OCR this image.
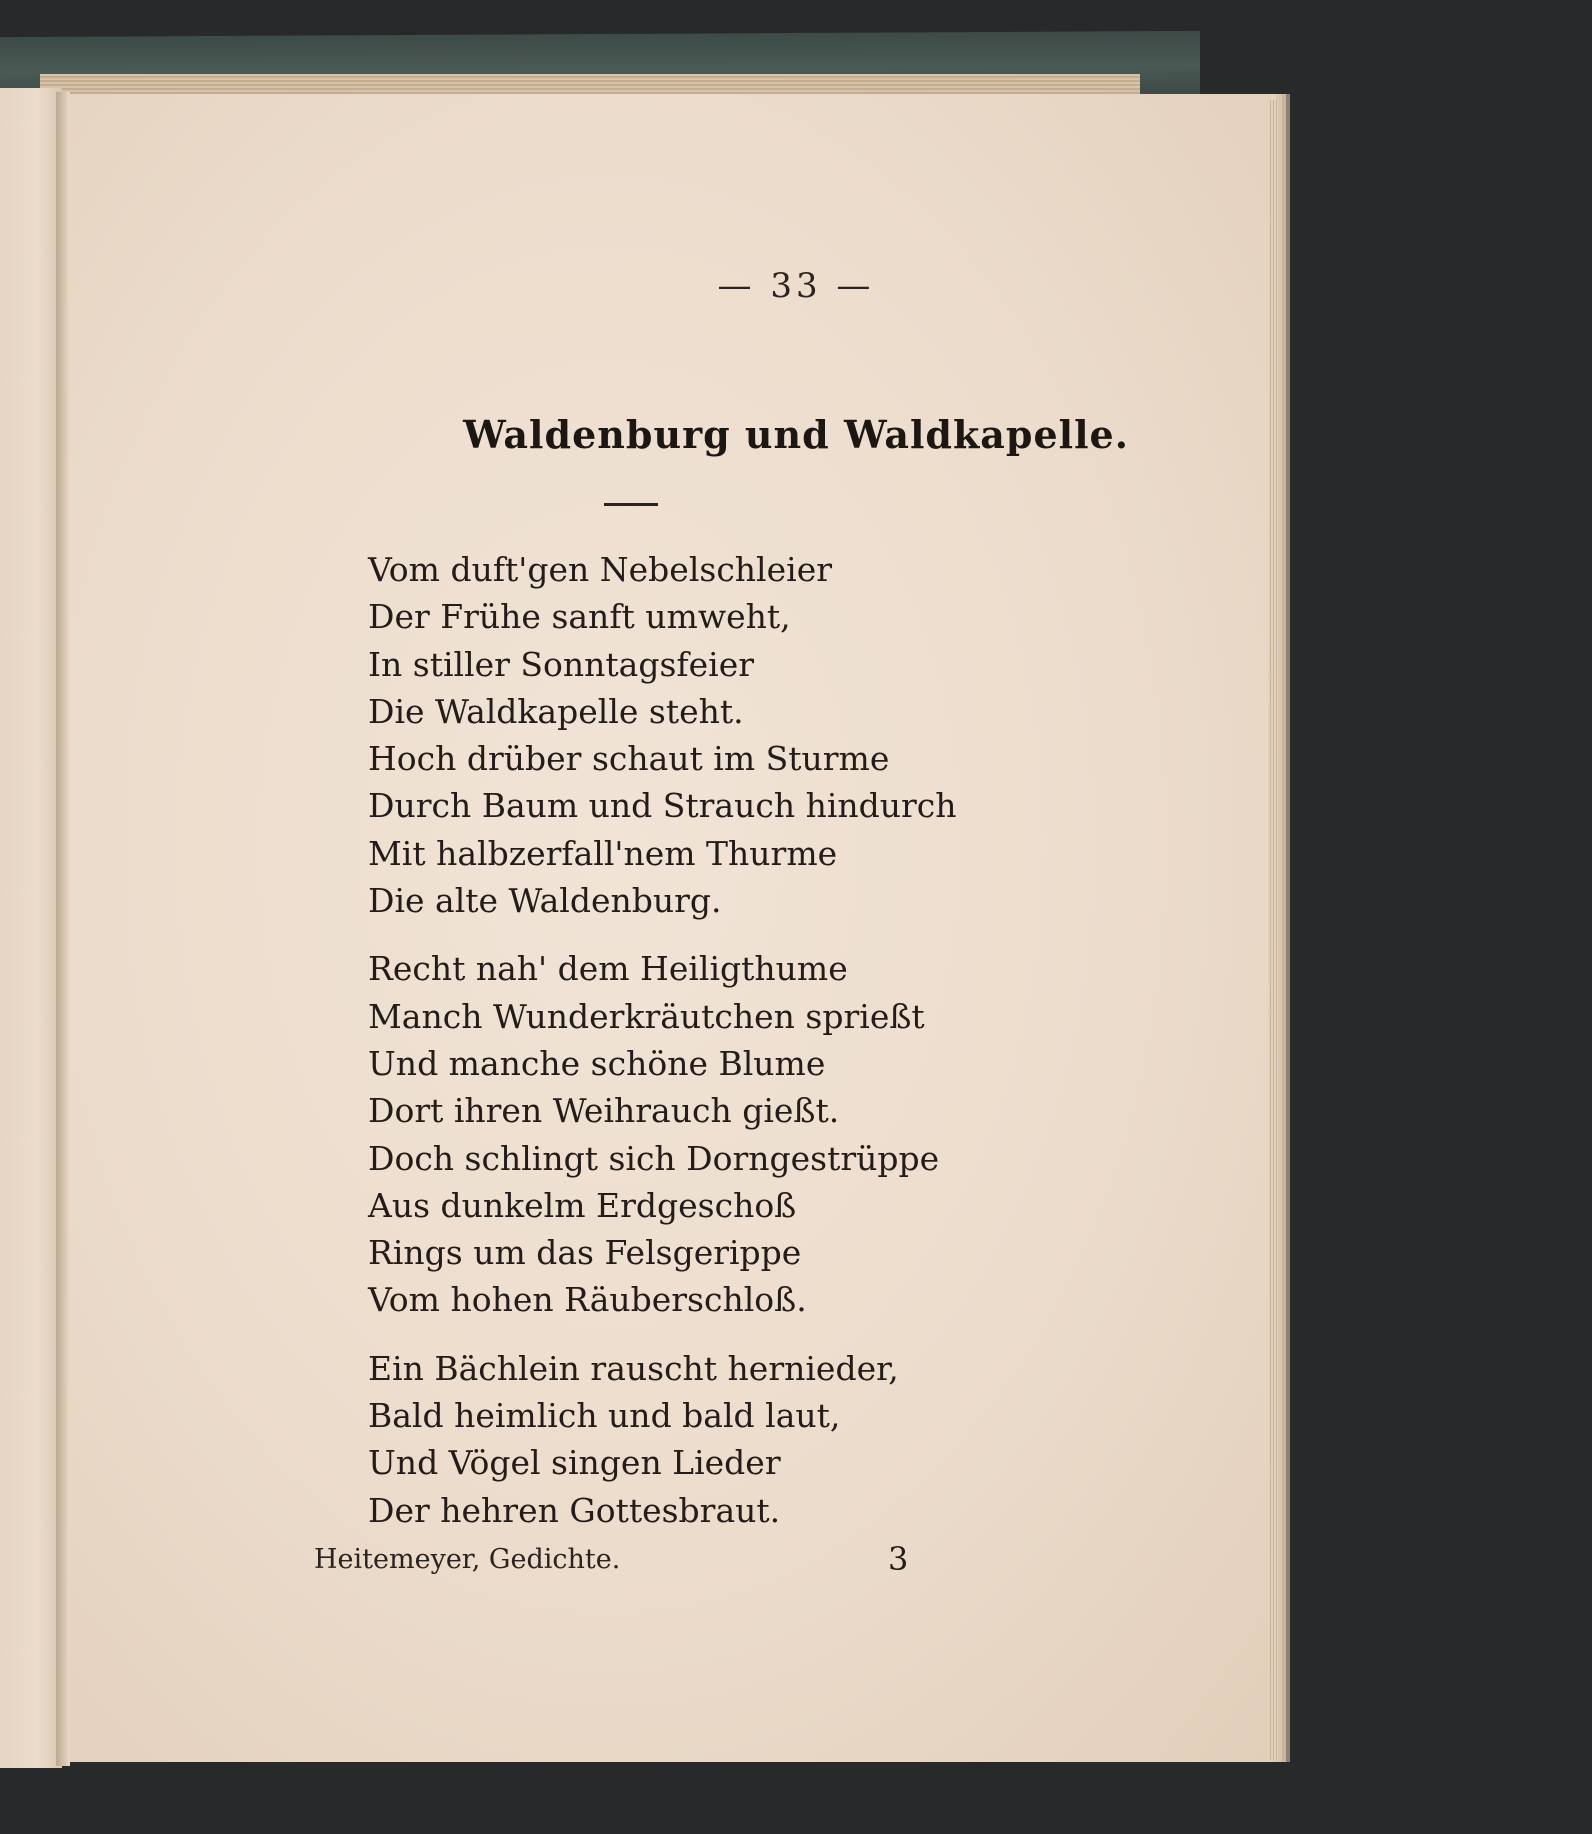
— 33 —
Waldenburg und Waldkapelle.
Vom duft'gen Nebelschleier
Der Frühe sanft umweht,
In stiller Sonntagsfeier
Die Waldkapelle steht.
Hoch drüber schaut im Sturme
Durch Baum und Strauch hindurch
Mit halbzerfall'nem Thurme
Die alte Waldenburg.
Recht nah' dem Heiligthume
Manch Wunderkräutchen sprießt
Und manche schöne Blume
Dort ihren Weihrauch gießt.
Doch schlingt sich Dorngestrüppe
Aus dunkelm Erdgeschoß
Rings um das Felsgerippe
Vom hohen Räuberschloß.
Ein Bächlein rauscht hernieder,
Bald heimlich und bald laut,
Und Vögel singen Lieder
Der hehren Gottesbraut.
Heitemeyer, Gedichte.	3
